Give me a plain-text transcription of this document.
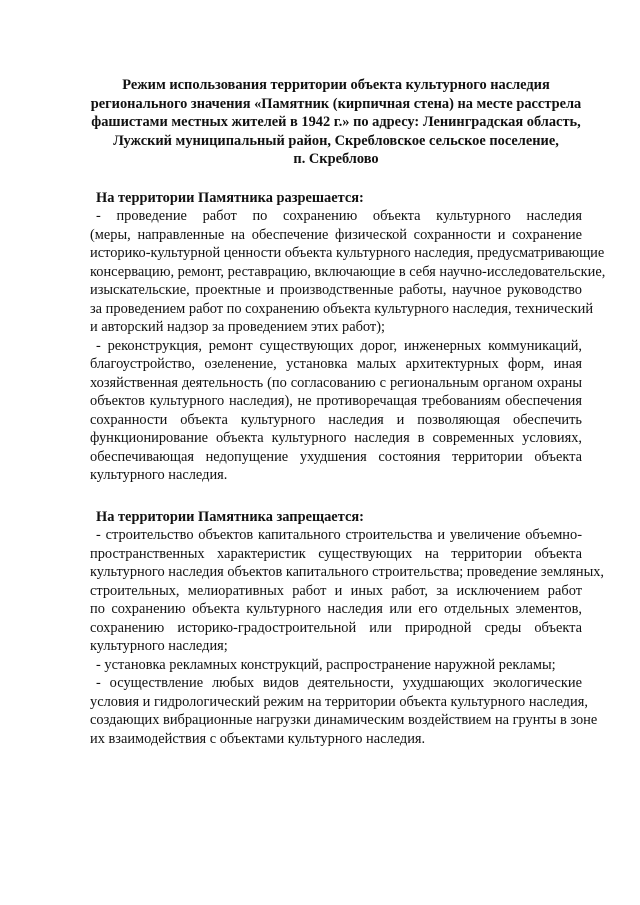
Режим использования территории объекта культурного наследия
регионального значения «Памятник (кирпичная стена) на месте расстрела
фашистами местных жителей в 1942 г.» по адресу: Ленинградская область,
Лужский муниципальный район, Скребловское сельское поселение,
п. Скреблово
На территории Памятника разрешается:

- проведение работ по сохранению объекта культурного наследия
(меры, направленные на обеспечение физической сохранности и сохранение
историко-культурной ценности объекта культурного наследия, предусматривающие
консервацию, ремонт, реставрацию, включающие в себя научно-исследовательские,
изыскательские, проектные и производственные работы, научное руководство
за проведением работ по сохранению объекта культурного наследия, технический
и авторский надзор за проведением этих работ);

- реконструкция, ремонт существующих дорог, инженерных коммуникаций,
благоустройство, озеленение, установка малых архитектурных форм, иная
хозяйственная деятельность (по согласованию с региональным органом охраны
объектов культурного наследия), не противоречащая требованиям обеспечения
сохранности объекта культурного наследия и позволяющая обеспечить
функционирование объекта культурного наследия в современных условиях,
обеспечивающая недопущение ухудшения состояния территории объекта
культурного наследия.

На территории Памятника запрещается:

- строительство объектов капитального строительства и увеличение объемно-
пространственных характеристик существующих на территории объекта
культурного наследия объектов капитального строительства; проведение земляных,
строительных, мелиоративных работ и иных работ, за исключением работ
по сохранению объекта культурного наследия или его отдельных элементов,
сохранению историко-градостроительной или природной среды объекта
культурного наследия;

- установка рекламных конструкций, распространение наружной рекламы;

- осуществление любых видов деятельности, ухудшающих экологические
условия и гидрологический режим на территории объекта культурного наследия,
создающих вибрационные нагрузки динамическим воздействием на грунты в зоне
их взаимодействия с объектами культурного наследия.
